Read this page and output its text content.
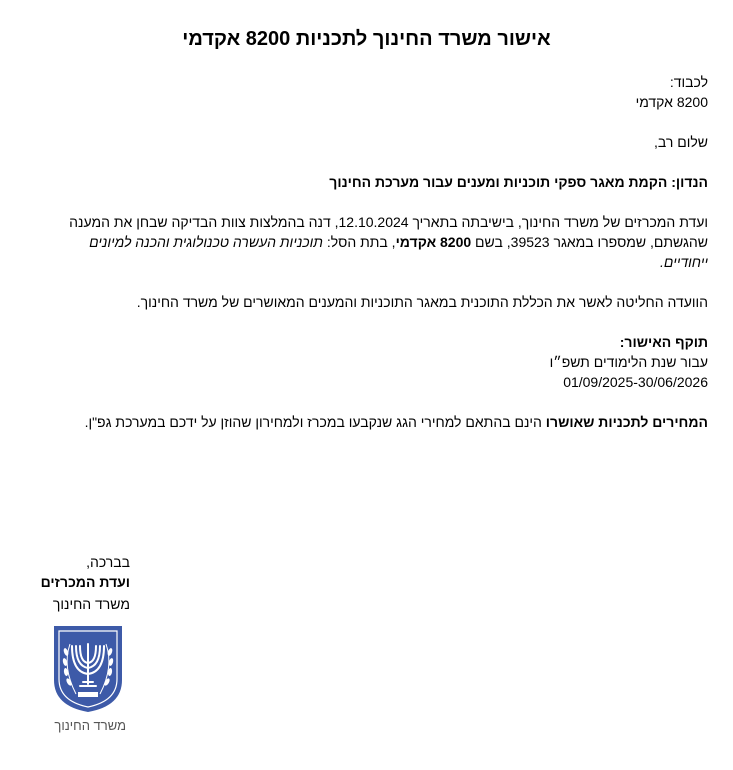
אישור משרד החינוך לתכניות 8200 אקדמי
לכבוד:
8200 אקדמי

שלום רב,

הנדון: הקמת מאגר ספקי תוכניות ומענים עבור מערכת החינוך

ועדת המכרזים של משרד החינוך, בישיבתה בתאריך 12.10.2024, דנה בהמלצות צוות הבדיקה שבחן את המענה שהגשתם, שמספרו במאגר 39523, בשם 8200 אקדמי, בתת הסל: תוכניות העשרה טכנולוגית והכנה למיונים ייחודיים.

הוועדה החליטה לאשר את הכללת התוכנית במאגר התוכניות והמענים המאושרים של משרד החינוך.

תוקף האישור:
עבור שנת הלימודים תשפ״ו
01/09/2025-30/06/2026

המחירים לתכניות שאושרו הינם בהתאם למחירי הגג שנקבעו במכרז ולמחירון שהוזן על ידכם במערכת גפ"ן.

בברכה,
ועדת המכרזים
משרד החינוך
משרד החינוך
